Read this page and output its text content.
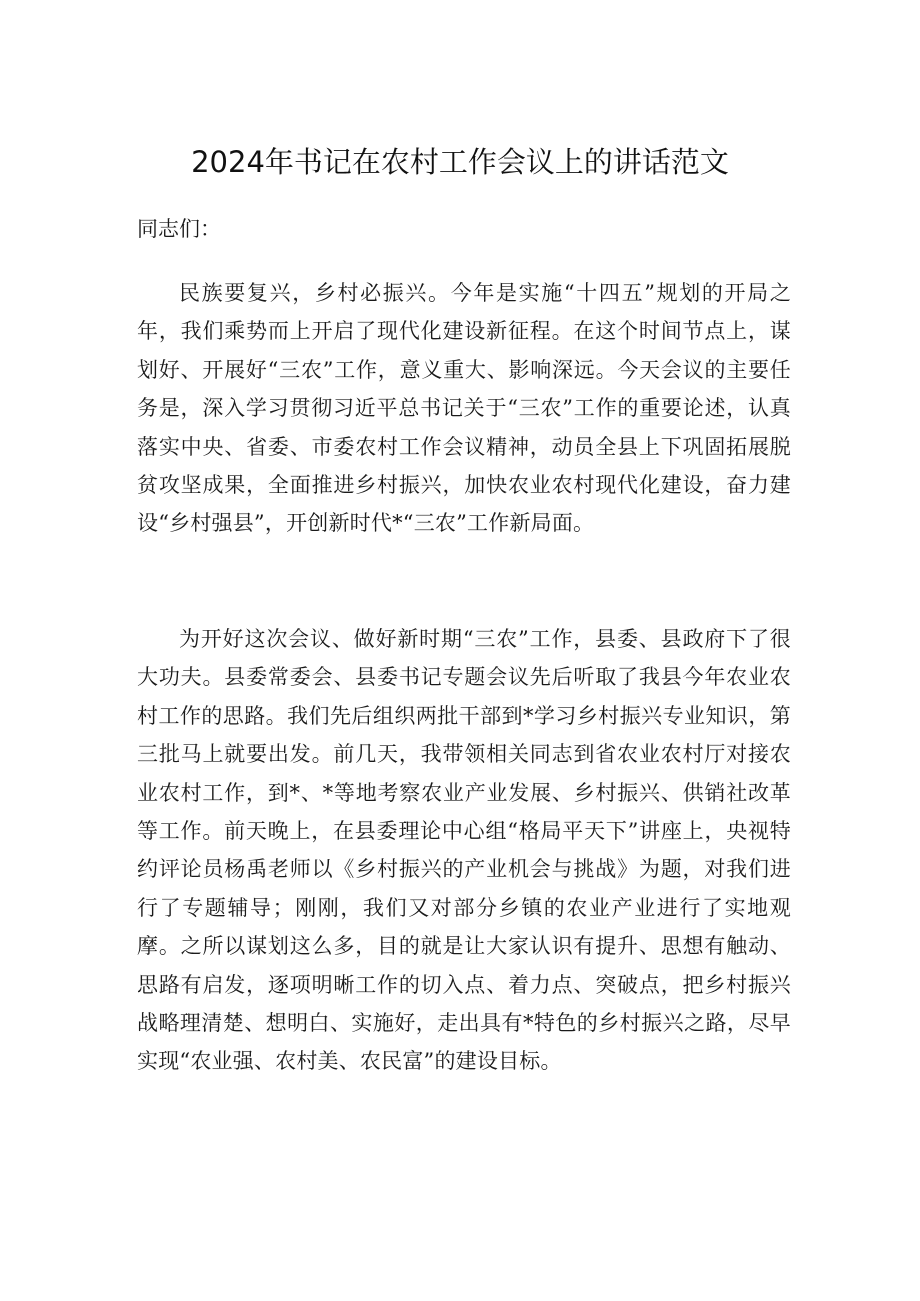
2024年书记在农村工作会议上的讲话范文

同志们：

民族要复兴，乡村必振兴。今年是实施“十四五”规划的开局之年，我们乘势而上开启了现代化建设新征程。在这个时间节点上，谋划好、开展好“三农”工作，意义重大、影响深远。今天会议的主要任务是，深入学习贯彻习近平总书记关于“三农”工作的重要论述，认真落实中央、省委、市委农村工作会议精神，动员全县上下巩固拓展脱贫攻坚成果，全面推进乡村振兴，加快农业农村现代化建设，奋力建设“乡村强县”，开创新时代*“三农”工作新局面。

为开好这次会议、做好新时期“三农”工作，县委、县政府下了很大功夫。县委常委会、县委书记专题会议先后听取了我县今年农业农村工作的思路。我们先后组织两批干部到*学习乡村振兴专业知识，第三批马上就要出发。前几天，我带领相关同志到省农业农村厅对接农业农村工作，到*、*等地考察农业产业发展、乡村振兴、供销社改革等工作。前天晚上，在县委理论中心组“格局平天下”讲座上，央视特约评论员杨禹老师以《乡村振兴的产业机会与挑战》为题，对我们进行了专题辅导；刚刚，我们又对部分乡镇的农业产业进行了实地观摩。之所以谋划这么多，目的就是让大家认识有提升、思想有触动、思路有启发，逐项明晰工作的切入点、着力点、突破点，把乡村振兴战略理清楚、想明白、实施好，走出具有*特色的乡村振兴之路，尽早实现“农业强、农村美、农民富”的建设目标。
